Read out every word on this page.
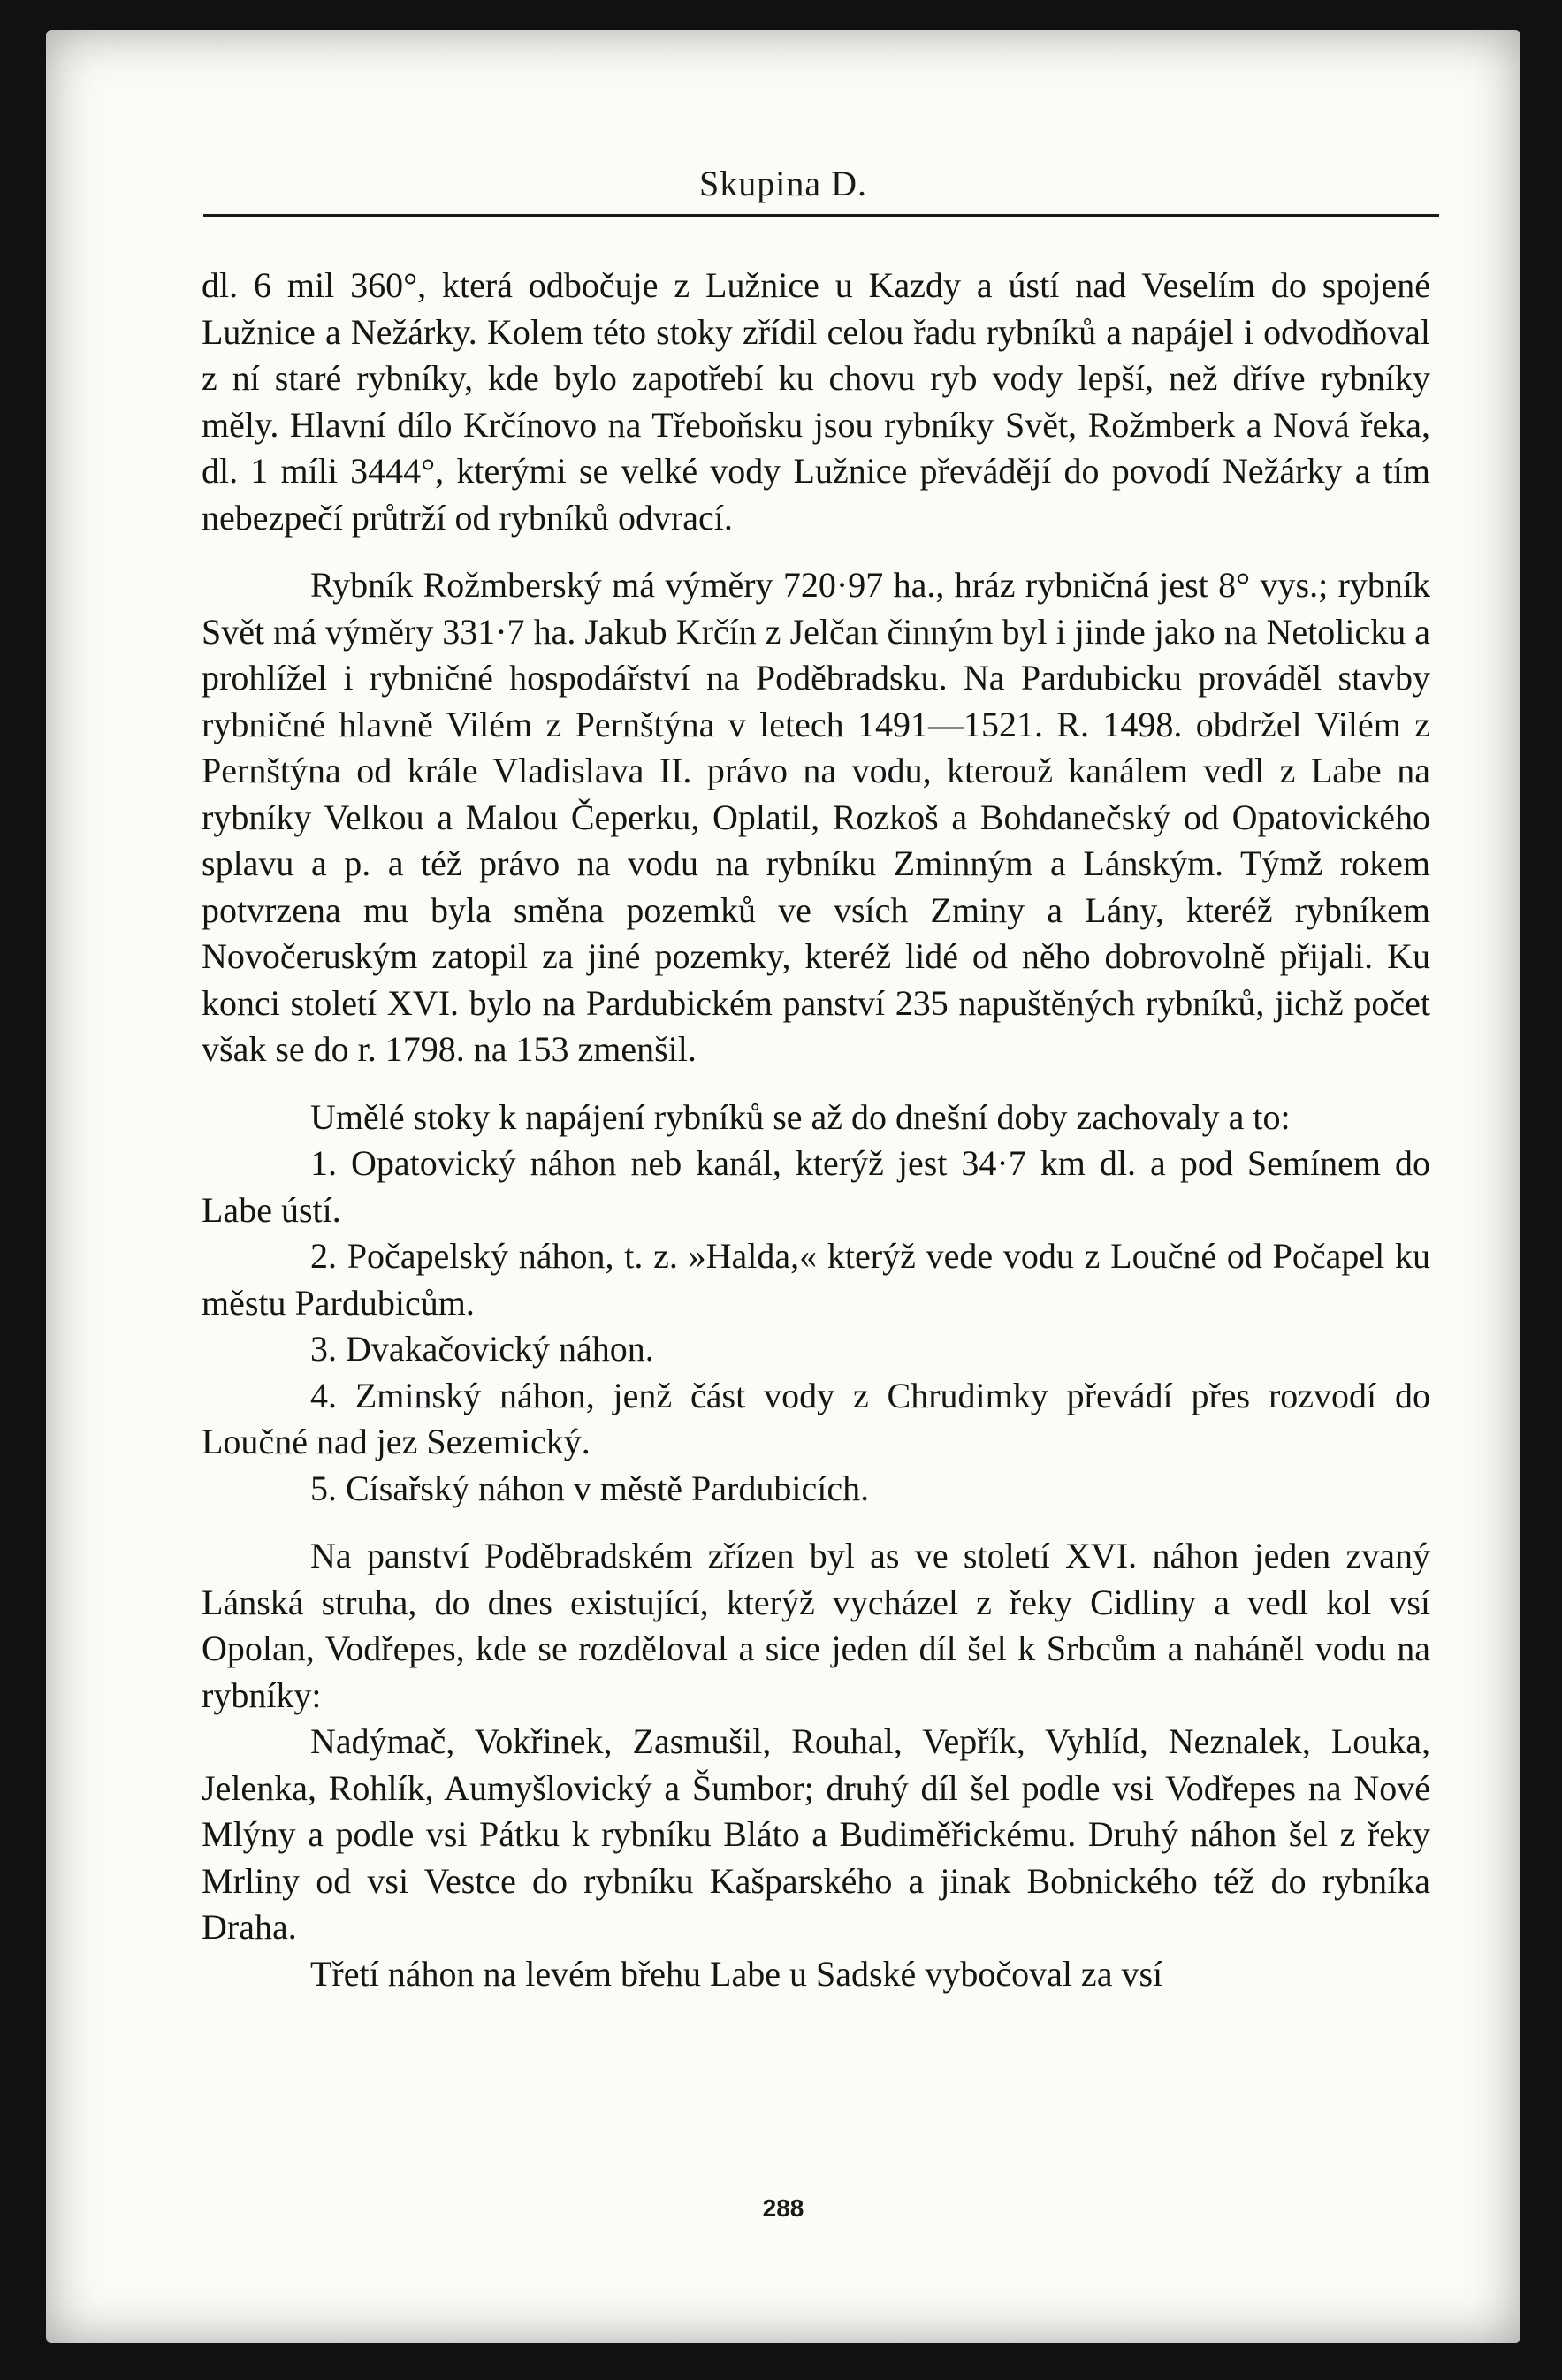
Skupina D.

dl. 6 mil 360°, která odbočuje z Lužnice u Kazdy a ústí nad Veselím do spojené Lužnice a Nežárky. Kolem této stoky zřídil celou řadu rybníků a napájel i odvodňoval z ní staré rybníky, kde bylo zapotřebí ku chovu ryb vody lepší, než dříve rybníky měly. Hlavní dílo Krčínovo na Třeboňsku jsou rybníky Svět, Rožmberk a Nová řeka, dl. 1 míli 3444°, kterými se velké vody Lužnice převádějí do povodí Nežárky a tím nebezpečí průtrží od rybníků odvrací.

Rybník Rožmberský má výměry 720·97 ha., hráz rybničná jest 8° vys.; rybník Svět má výměry 331·7 ha. Jakub Krčín z Jelčan činným byl i jinde jako na Netolicku a prohlížel i rybničné hospodářství na Poděbradsku. Na Pardubicku prováděl stavby rybničné hlavně Vilém z Pernštýna v letech 1491—1521. R. 1498. obdržel Vilém z Pernštýna od krále Vladislava II. právo na vodu, kterouž kanálem vedl z Labe na rybníky Velkou a Malou Čeperku, Oplatil, Rozkoš a Bohdanečský od Opatovického splavu a p. a též právo na vodu na rybníku Zminným a Lánským. Týmž rokem potvrzena mu byla směna pozemků ve vsích Zminy a Lány, kteréž rybníkem Novočeruským zatopil za jiné pozemky, kteréž lidé od něho dobrovolně přijali. Ku konci století XVI. bylo na Pardubickém panství 235 napuštěných rybníků, jichž počet však se do r. 1798. na 153 zmenšil.

Umělé stoky k napájení rybníků se až do dnešní doby zachovaly a to:

1. Opatovický náhon neb kanál, kterýž jest 34·7 km dl. a pod Semínem do Labe ústí.

2. Počapelský náhon, t. z. »Halda,« kterýž vede vodu z Loučné od Počapel ku městu Pardubicům.

3. Dvakačovický náhon.

4. Zminský náhon, jenž část vody z Chrudimky převádí přes rozvodí do Loučné nad jez Sezemický.

5. Císařský náhon v městě Pardubicích.

Na panství Poděbradském zřízen byl as ve století XVI. náhon jeden zvaný Lánská struha, do dnes existující, kterýž vycházel z řeky Cidliny a vedl kol vsí Opolan, Vodřepes, kde se rozděloval a sice jeden díl šel k Srbcům a naháněl vodu na rybníky:

Nadýmač, Vokřinek, Zasmušil, Rouhal, Vepřík, Vyhlíd, Neznalek, Louka, Jelenka, Rohlík, Aumyšlovický a Šumbor; druhý díl šel podle vsi Vodřepes na Nové Mlýny a podle vsi Pátku k rybníku Bláto a Budiměřickému. Druhý náhon šel z řeky Mrliny od vsi Vestce do rybníku Kašparského a jinak Bobnického též do rybníka Draha.

Třetí náhon na levém břehu Labe u Sadské vybočoval za vsí

288
